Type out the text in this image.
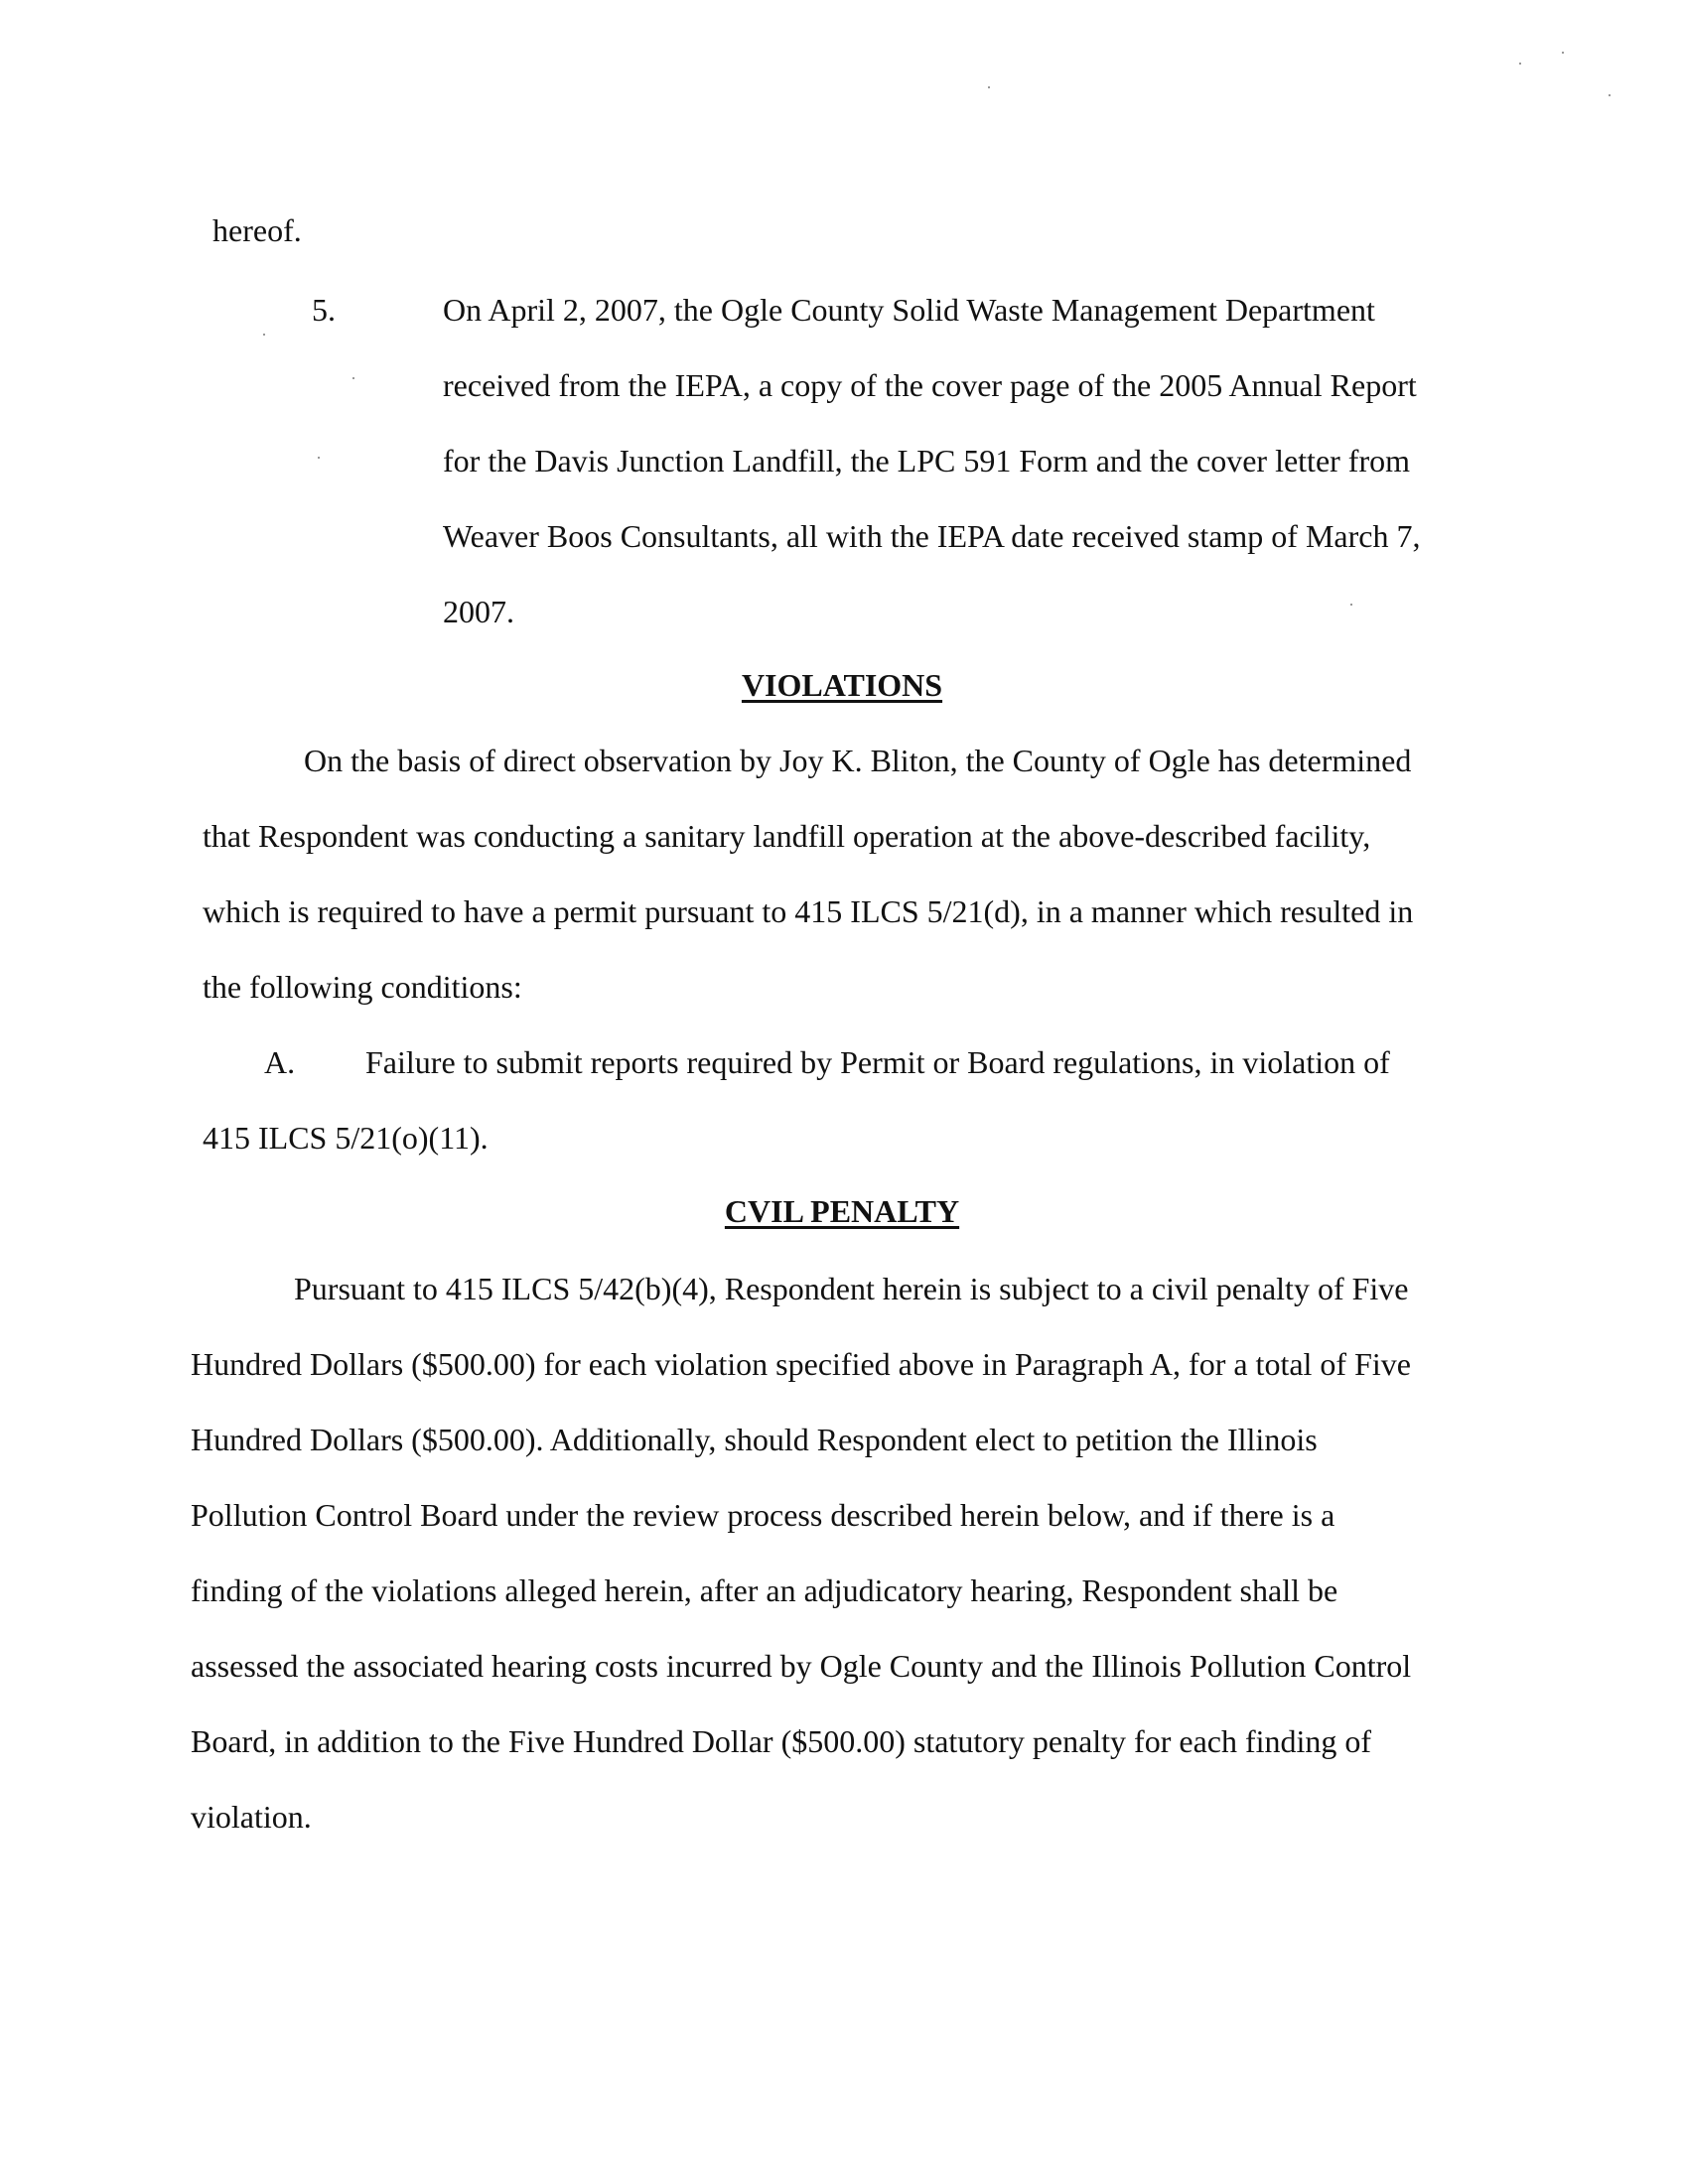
hereof.
5.	On April 2, 2007, the Ogle County Solid Waste Management Department
received from the IEPA, a copy of the cover page of the 2005 Annual Report
for the Davis Junction Landfill, the LPC 591 Form and the cover letter from
Weaver Boos Consultants, all with the IEPA date received stamp of March 7,
2007.
VIOLATIONS
On the basis of direct observation by Joy K. Bliton, the County of Ogle has determined
that Respondent was conducting a sanitary landfill operation at the above-described facility,
which is required to have a permit pursuant to 415 ILCS 5/21(d), in a manner which resulted in
the following conditions:
A. Failure to submit reports required by Permit or Board regulations, in violation of
415 ILCS 5/21(o)(11).
CVIL PENALTY
Pursuant to 415 ILCS 5/42(b)(4), Respondent herein is subject to a civil penalty of Five
Hundred Dollars ($500.00) for each violation specified above in Paragraph A, for a total of Five
Hundred Dollars ($500.00). Additionally, should Respondent elect to petition the Illinois
Pollution Control Board under the review process described herein below, and if there is a
finding of the violations alleged herein, after an adjudicatory hearing, Respondent shall be
assessed the associated hearing costs incurred by Ogle County and the Illinois Pollution Control
Board, in addition to the Five Hundred Dollar ($500.00) statutory penalty for each finding of
violation.
